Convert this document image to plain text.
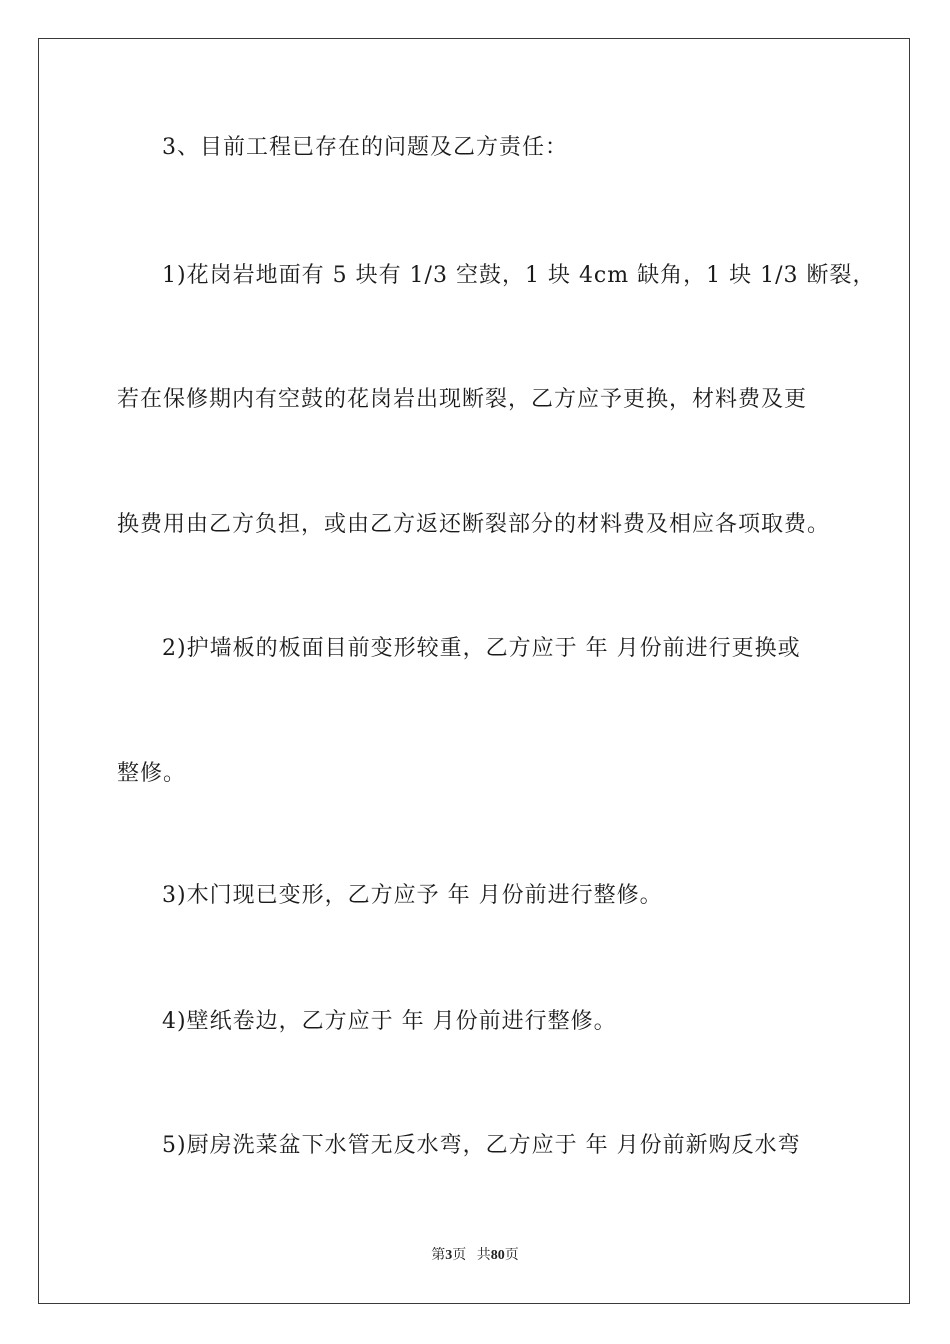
3、目前工程已存在的问题及乙方责任：
1)花岗岩地面有 5 块有 1/3 空鼓，1 块 4cm 缺角，1 块 1/3 断裂，
若在保修期内有空鼓的花岗岩出现断裂，乙方应予更换，材料费及更
换费用由乙方负担，或由乙方返还断裂部分的材料费及相应各项取费。
2)护墙板的板面目前变形较重，乙方应于 年 月份前进行更换或
整修。
3)木门现已变形，乙方应予 年 月份前进行整修。
4)壁纸卷边，乙方应于 年 月份前进行整修。
5)厨房洗菜盆下水管无反水弯，乙方应于 年 月份前新购反水弯
第3页 共80页
